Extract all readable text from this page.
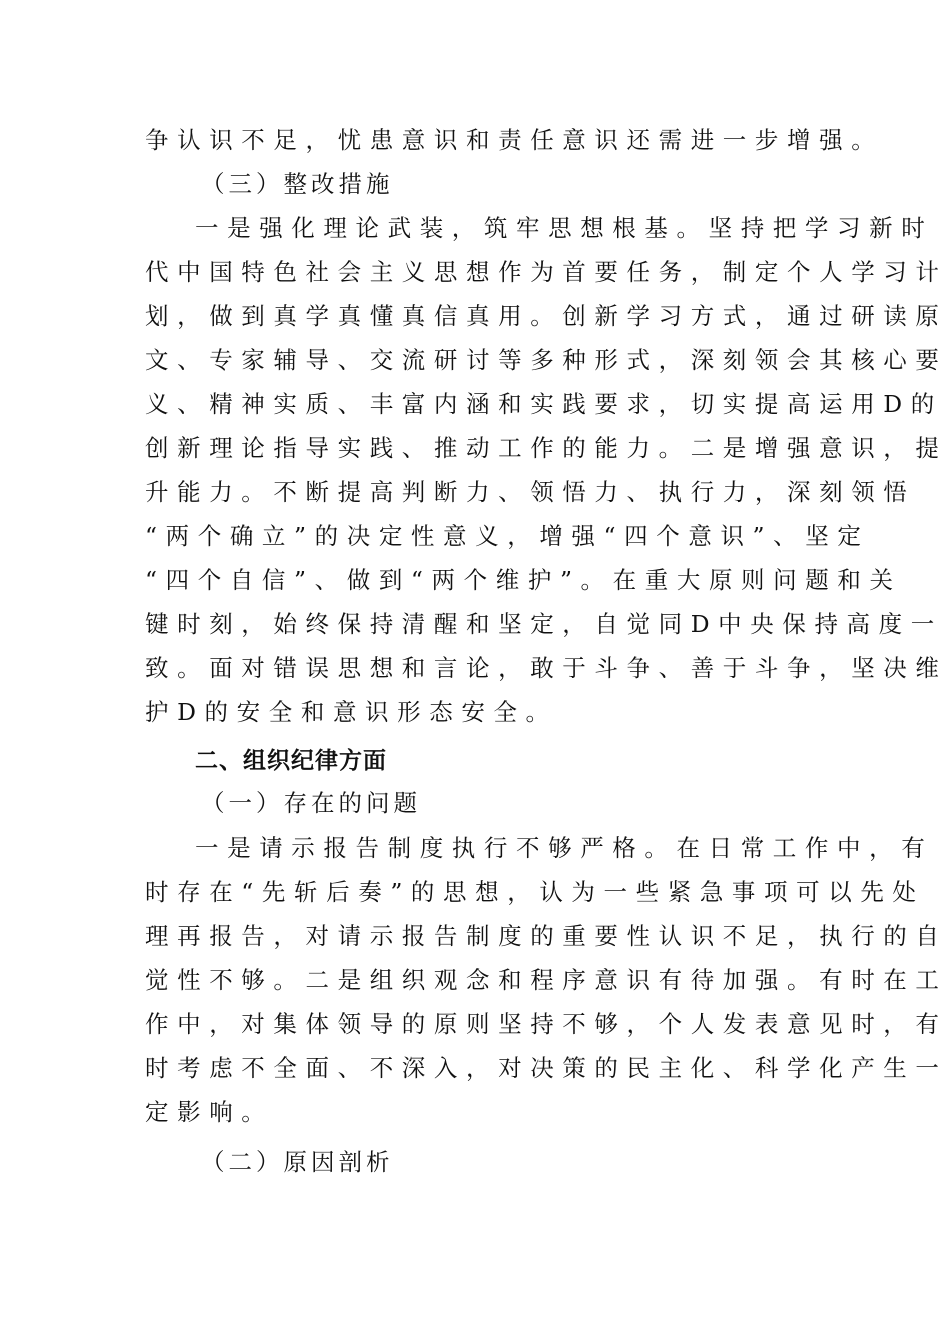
争认识不足，忧患意识和责任意识还需进一步增强。
（三）整改措施
一是强化理论武装，筑牢思想根基。坚持把学习新时
代中国特色社会主义思想作为首要任务，制定个人学习计
划，做到真学真懂真信真用。创新学习方式，通过研读原
文、专家辅导、交流研讨等多种形式，深刻领会其核心要
义、精神实质、丰富内涵和实践要求，切实提高运用D的
创新理论指导实践、推动工作的能力。二是增强意识，提
升能力。不断提高判断力、领悟力、执行力，深刻领悟
“两个确立”的决定性意义，增强“四个意识”、坚定
“四个自信”、做到“两个维护”。在重大原则问题和关
键时刻，始终保持清醒和坚定，自觉同D中央保持高度一
致。面对错误思想和言论，敢于斗争、善于斗争，坚决维
护D的安全和意识形态安全。
二、组织纪律方面
（一）存在的问题
一是请示报告制度执行不够严格。在日常工作中，有
时存在“先斩后奏”的思想，认为一些紧急事项可以先处
理再报告，对请示报告制度的重要性认识不足，执行的自
觉性不够。二是组织观念和程序意识有待加强。有时在工
作中，对集体领导的原则坚持不够，个人发表意见时，有
时考虑不全面、不深入，对决策的民主化、科学化产生一
定影响。
（二）原因剖析
